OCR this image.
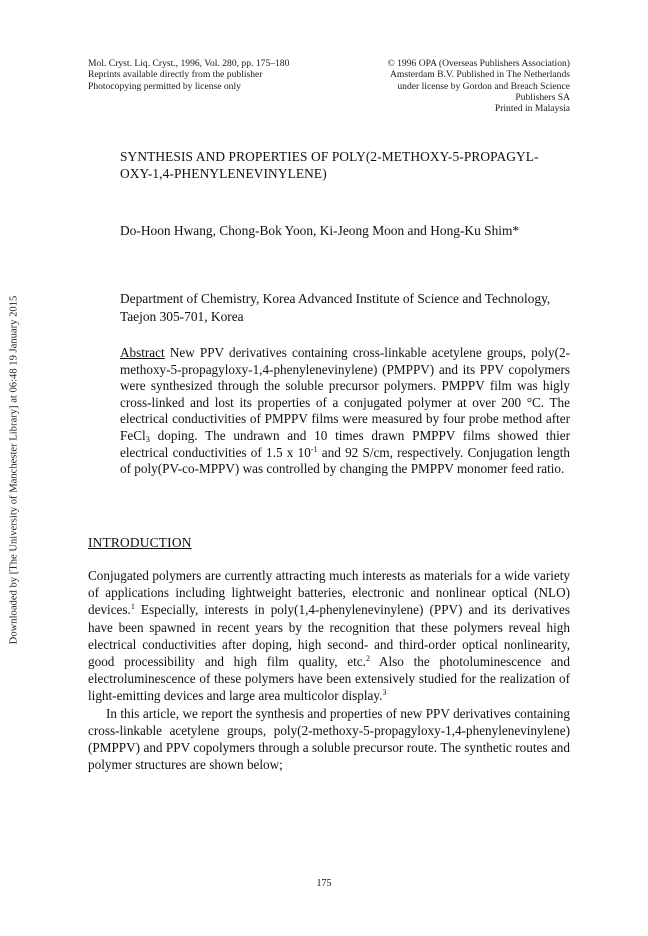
Mol. Cryst. Liq. Cryst., 1996, Vol. 280, pp. 175–180
Reprints available directly from the publisher
Photocopying permitted by license only
© 1996 OPA (Overseas Publishers Association)
Amsterdam B.V. Published in The Netherlands
under license by Gordon and Breach Science
Publishers SA
Printed in Malaysia
SYNTHESIS AND PROPERTIES OF POLY(2-METHOXY-5-PROPAGYL-
OXY-1,4-PHENYLENEVINYLENE)
Do-Hoon Hwang, Chong-Bok Yoon, Ki-Jeong Moon and Hong-Ku Shim*
Department of Chemistry, Korea Advanced Institute of Science and Technology, Taejon 305-701, Korea
Abstract New PPV derivatives containing cross-linkable acetylene groups, poly(2-methoxy-5-propagyloxy-1,4-phenylenevinylene) (PMPPV) and its PPV copolymers were synthesized through the soluble precursor polymers. PMPPV film was higly cross-linked and lost its properties of a conjugated polymer at over 200 °C. The electrical conductivities of PMPPV films were measured by four probe method after FeCl$_3$ doping. The undrawn and 10 times drawn PMPPV films showed thier electrical conductivities of 1.5 x $10^{-1}$ and 92 S/cm, respectively. Conjugation length of poly(PV-co-MPPV) was controlled by changing the PMPPV monomer feed ratio.
INTRODUCTION

Conjugated polymers are currently attracting much interests as materials for a wide variety of applications including lightweight batteries, electronic and nonlinear optical (NLO) devices.$^1$ Especially, interests in poly(1,4-phenylenevinylene) (PPV) and its derivatives have been spawned in recent years by the recognition that these polymers reveal high electrical conductivities after doping, high second- and third-order optical nonlinearity, good processibility and high film quality, etc.$^2$ Also the photoluminescence and electroluminescence of these polymers have been extensively studied for the realization of light-emitting devices and large area multicolor display.$^3$

In this article, we report the synthesis and properties of new PPV derivatives containing cross-linkable acetylene groups, poly(2-methoxy-5-propagyloxy-1,4-phenylenevinylene) (PMPPV) and PPV copolymers through a soluble precursor route. The synthetic routes and polymer structures are shown below;

175
Downloaded by [The University of Manchester Library] at 06:48 19 January 2015
